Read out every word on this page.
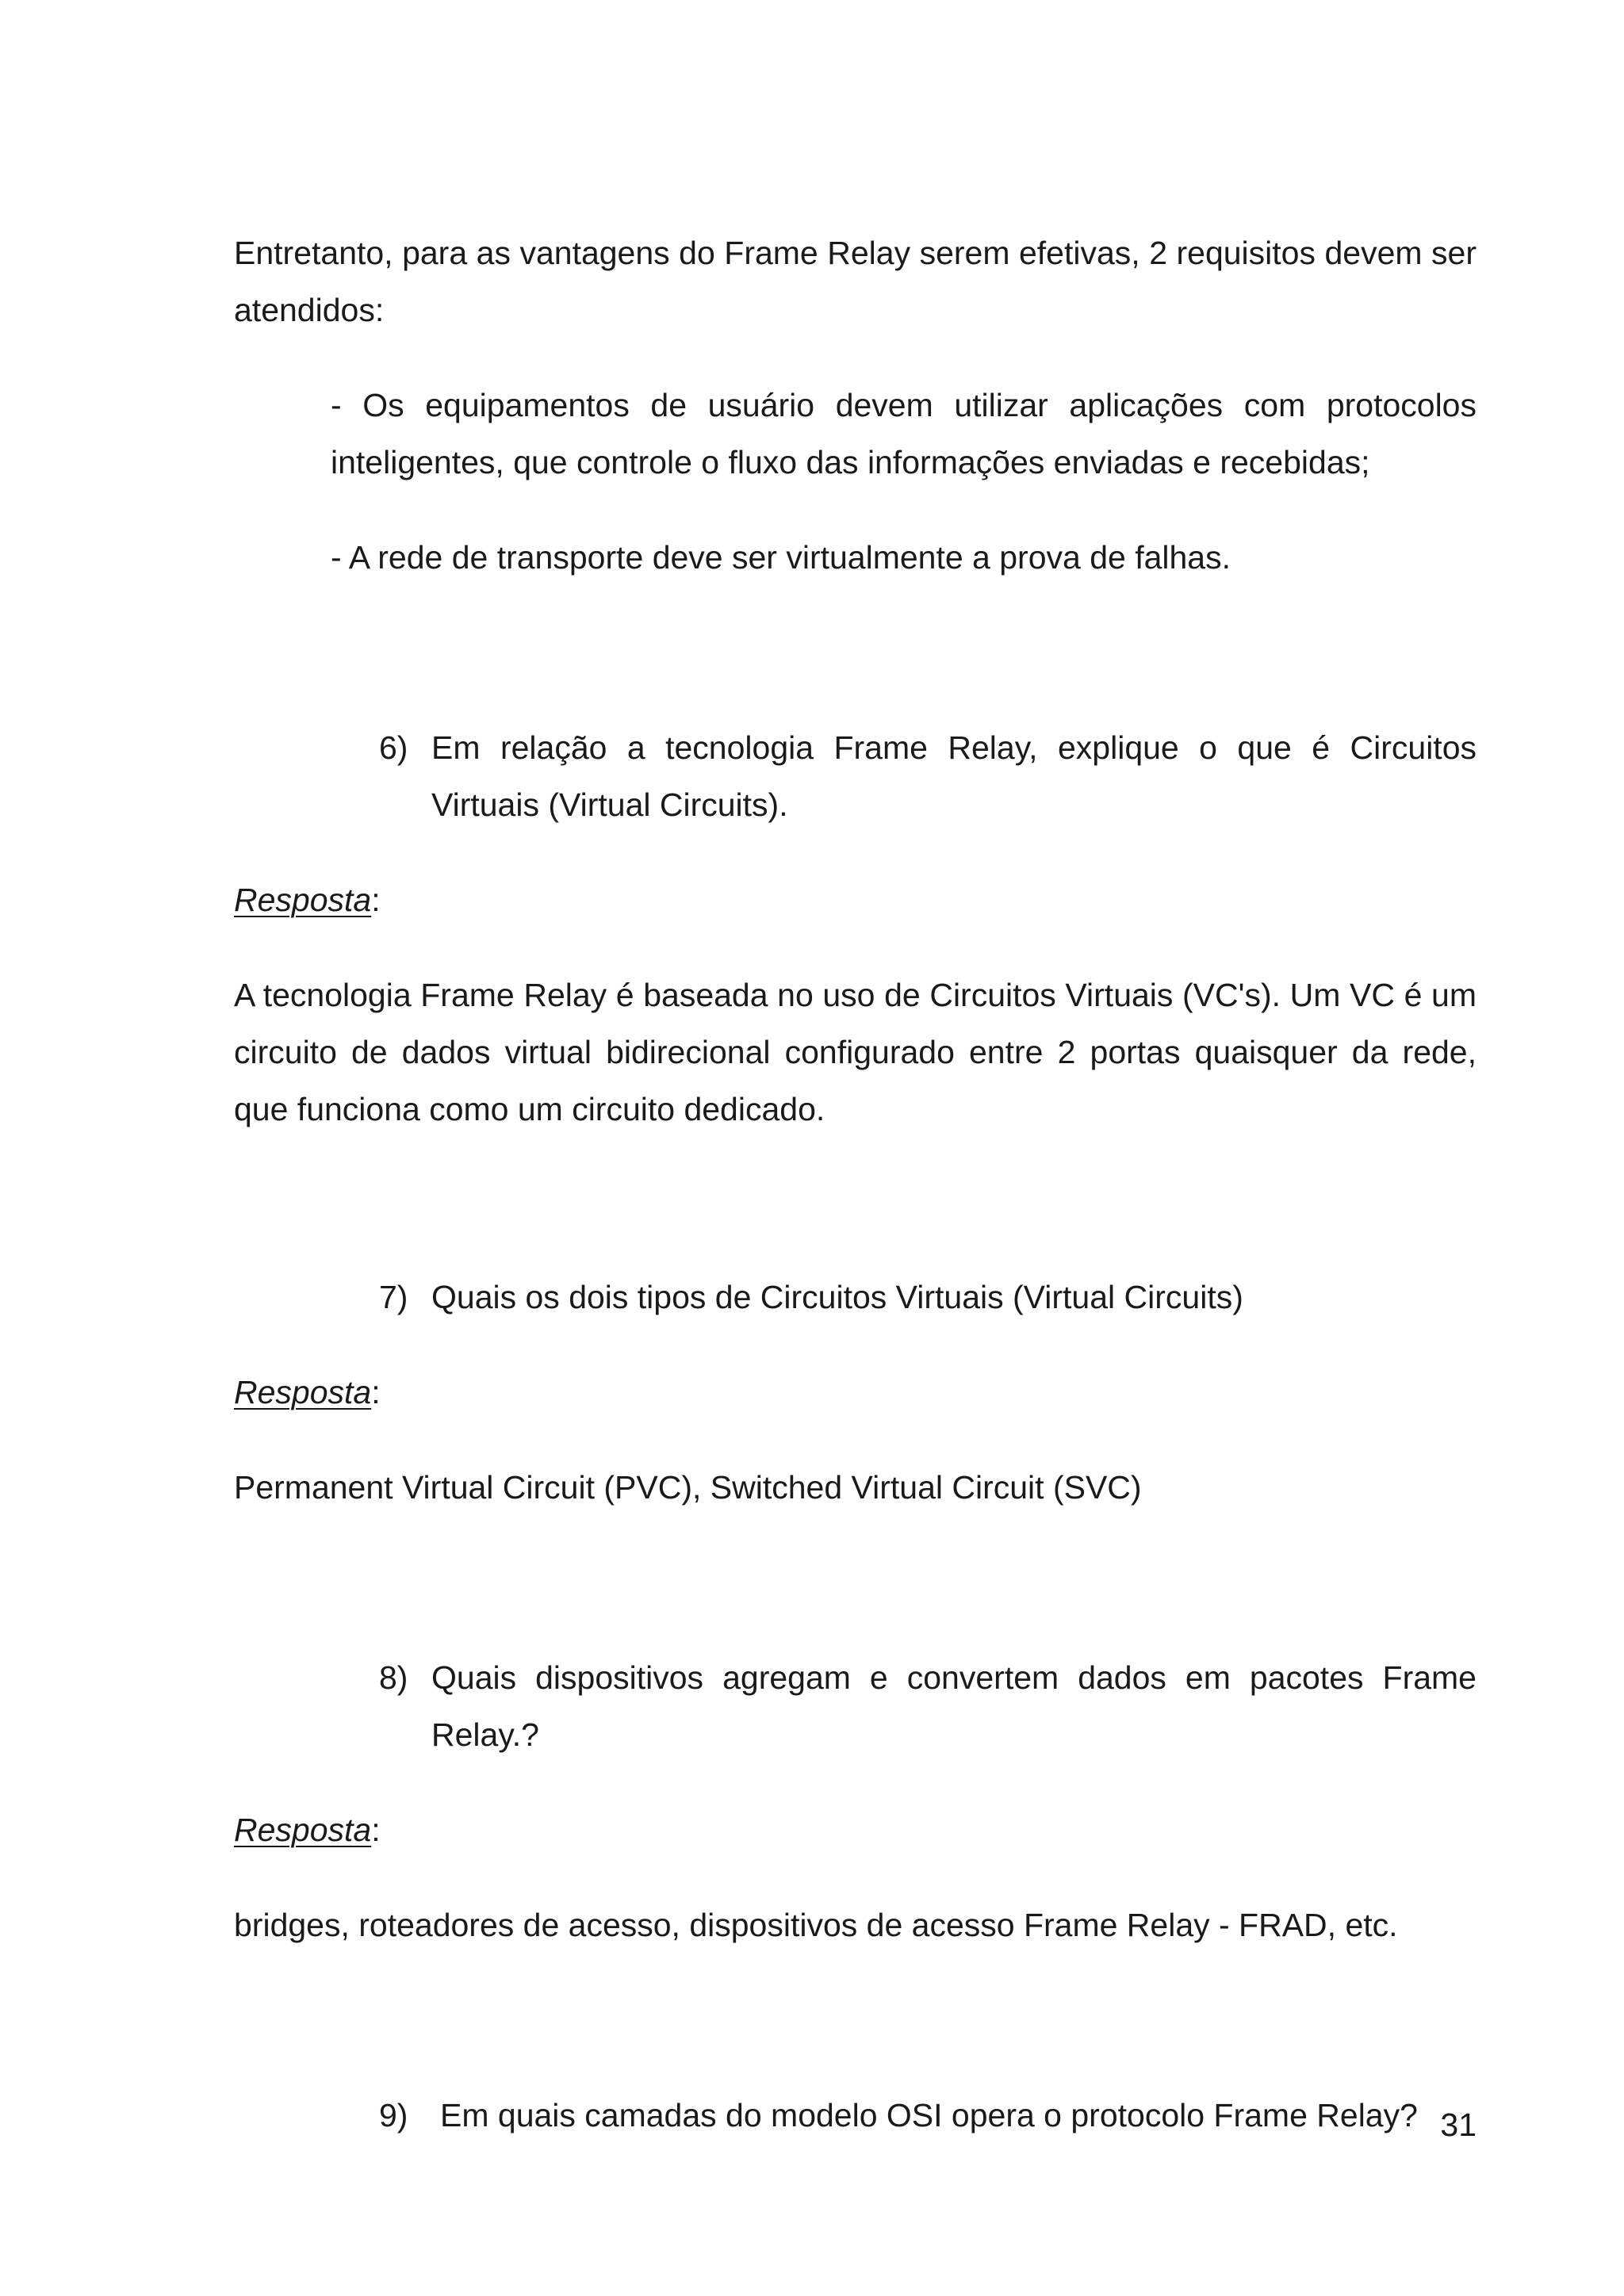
Entretanto, para as vantagens do Frame Relay serem efetivas, 2 requisitos devem ser atendidos:

- Os equipamentos de usuário devem utilizar aplicações com protocolos inteligentes, que controle o fluxo das informações enviadas e recebidas;

- A rede de transporte deve ser virtualmente a prova de falhas.

6) Em relação a tecnologia Frame Relay, explique o que é Circuitos Virtuais (Virtual Circuits).

Resposta:

A tecnologia Frame Relay é baseada no uso de Circuitos Virtuais (VC's). Um VC é um circuito de dados virtual bidirecional configurado entre 2 portas quaisquer da rede, que funciona como um circuito dedicado.

7) Quais os dois tipos de Circuitos Virtuais (Virtual Circuits)

Resposta:

Permanent Virtual Circuit (PVC), Switched Virtual Circuit (SVC)

8) Quais dispositivos agregam e convertem dados em pacotes Frame Relay.?

Resposta:

bridges, roteadores de acesso, dispositivos de acesso Frame Relay - FRAD, etc.

9) Em quais camadas do modelo OSI opera o protocolo Frame Relay? 31
